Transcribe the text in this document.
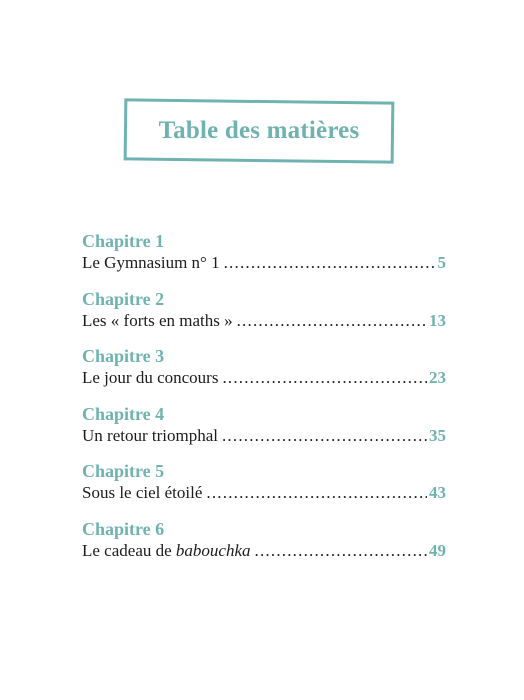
Table des matières
Chapitre 1
Le Gymnasium n° 1 .....	5
Chapitre 2
Les « forts en maths » .....	13
Chapitre 3
Le jour du concours .....	23
Chapitre 4
Un retour triomphal .....	35
Chapitre 5
Sous le ciel étoilé .....	43
Chapitre 6
Le cadeau de babouchka .....	49
